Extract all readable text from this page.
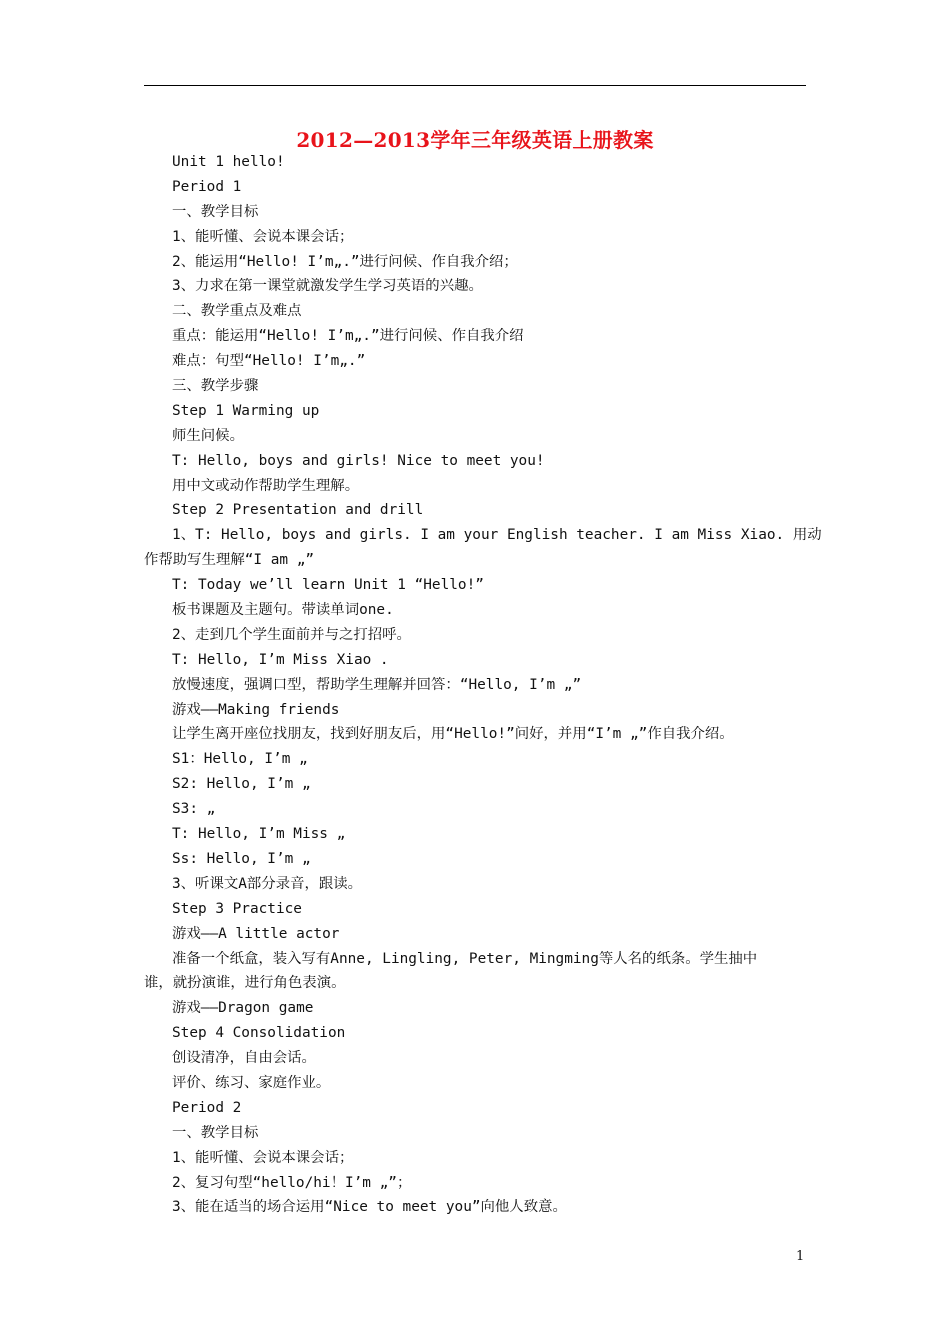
2012—2013学年三年级英语上册教案
Unit 1 hello!
Period 1
一、教学目标
1、能听懂、会说本课会话；
2、能运用“Hello! I’m„.”进行问候、作自我介绍；
3、力求在第一课堂就激发学生学习英语的兴趣。
二、教学重点及难点
重点：能运用“Hello! I’m„.”进行问候、作自我介绍
难点：句型“Hello! I’m„.”
三、教学步骤
Step 1 Warming up
师生问候。
T: Hello, boys and girls! Nice to meet you!
用中文或动作帮助学生理解。
Step 2 Presentation and drill
1、T: Hello, boys and girls. I am your English teacher. I am Miss Xiao. 用动
作帮助写生理解“I am „”
T: Today we’ll learn Unit 1 “Hello!”
板书课题及主题句。带读单词one.
2、走到几个学生面前并与之打招呼。
T: Hello, I’m Miss Xiao .
放慢速度，强调口型，帮助学生理解并回答：“Hello, I’m „”
游戏——Making friends
让学生离开座位找朋友，找到好朋友后，用“Hello!”问好，并用“I’m „”作自我介绍。
S1：Hello, I’m „
S2: Hello, I’m „
S3: „
T: Hello, I’m Miss „
Ss: Hello, I’m „
3、听课文A部分录音，跟读。
Step 3 Practice
游戏——A little actor
准备一个纸盒，装入写有Anne, Lingling, Peter, Mingming等人名的纸条。学生抽中
谁，就扮演谁，进行角色表演。
游戏——Dragon game
Step 4 Consolidation
创设清净，自由会话。
评价、练习、家庭作业。
Period 2
一、教学目标
1、能听懂、会说本课会话；
2、复习句型“hello/hi！I’m „”；
3、能在适当的场合运用“Nice to meet you”向他人致意。
1
